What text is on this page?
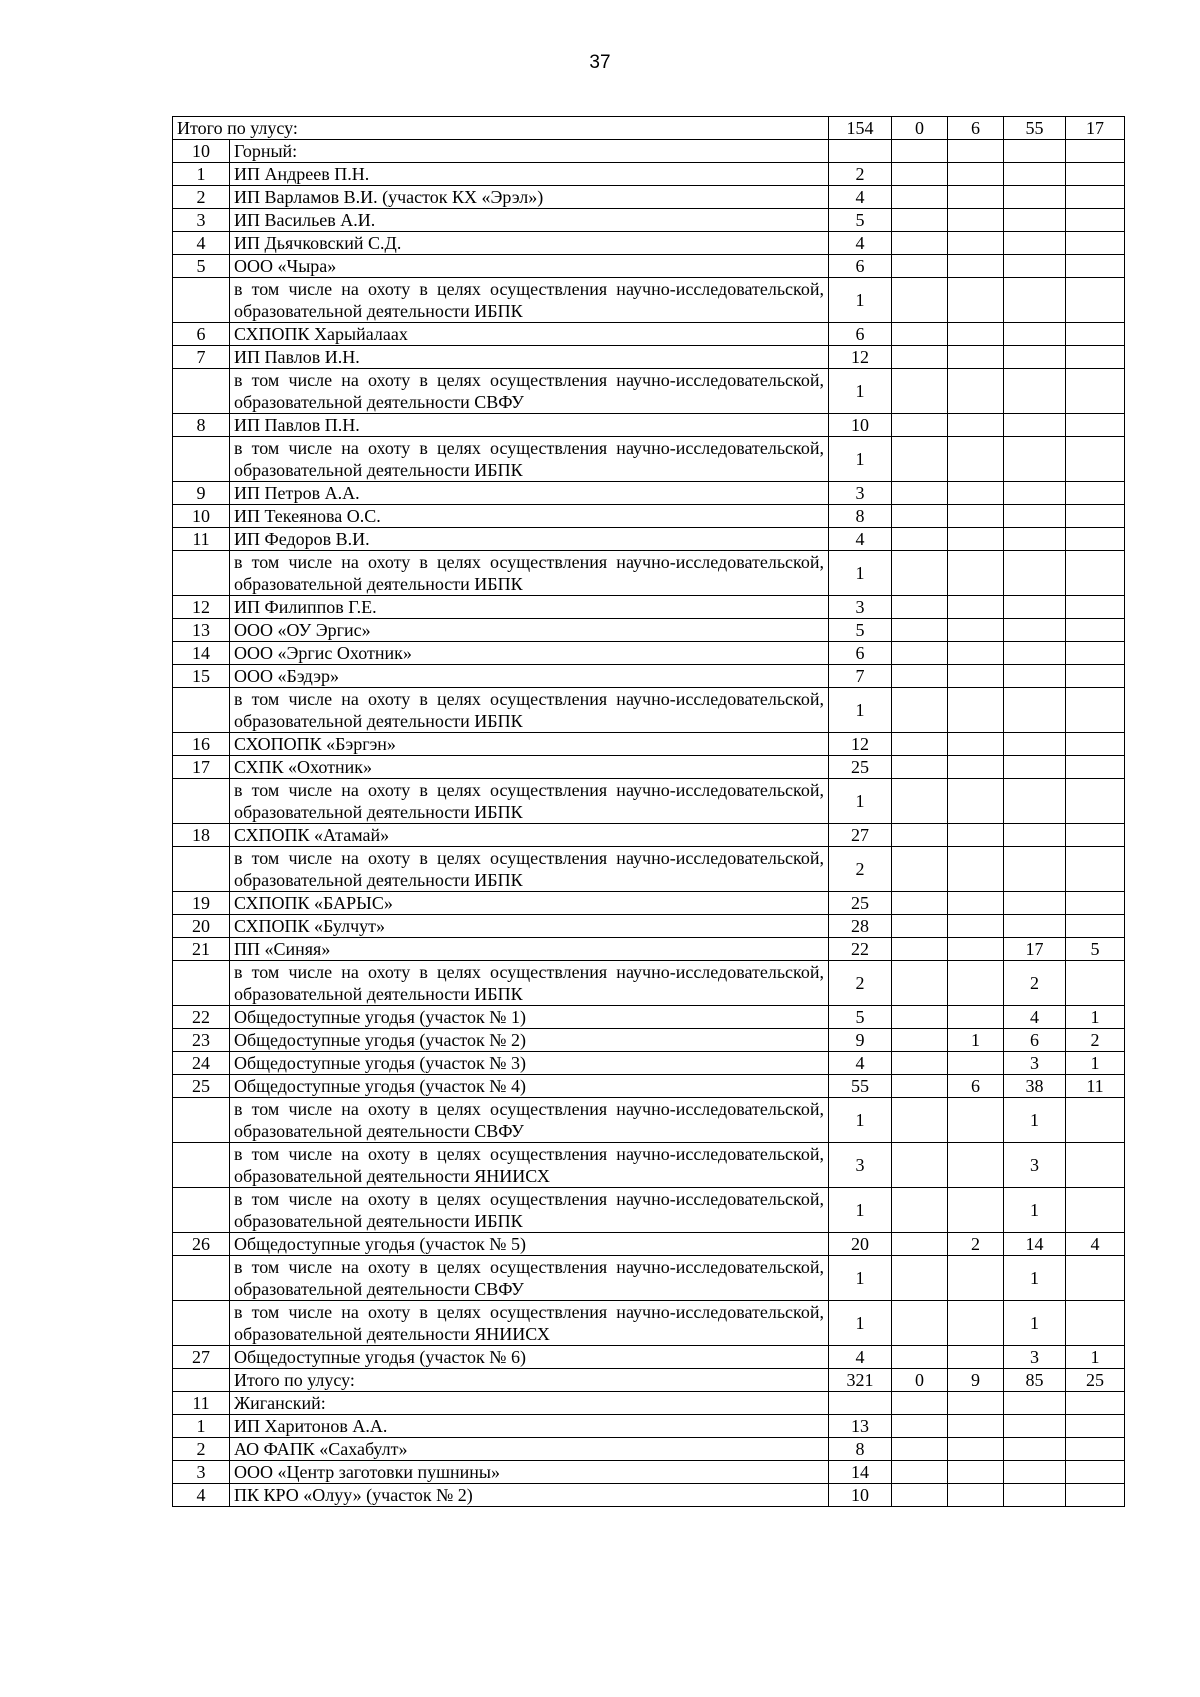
37
Итого по улусу:		154	0	6	55	17
10	Горный:					
1	ИП Андреев П.Н.	2				
2	ИП Варламов В.И. (участок КХ «Эрэл»)	4				
3	ИП Васильев А.И.	5				
4	ИП Дьячковский С.Д.	4				
5	ООО «Чыра»	6				
	в том числе на охоту в целях осуществления научно-исследовательской, образовательной деятельности ИБПК	1				
6	СХПОПК Харыйалаах	6				
7	ИП Павлов И.Н.	12				
	в том числе на охоту в целях осуществления научно-исследовательской, образовательной деятельности СВФУ	1				
8	ИП Павлов П.Н.	10				
	в том числе на охоту в целях осуществления научно-исследовательской, образовательной деятельности ИБПК	1				
9	ИП Петров А.А.	3				
10	ИП Текеянова О.С.	8				
11	ИП Федоров В.И.	4				
	в том числе на охоту в целях осуществления научно-исследовательской, образовательной деятельности ИБПК	1				
12	ИП Филиппов Г.Е.	3				
13	ООО «ОУ Эргис»	5				
14	ООО «Эргис Охотник»	6				
15	ООО «Бэдэр»	7				
	в том числе на охоту в целях осуществления научно-исследовательской, образовательной деятельности ИБПК	1				
16	СХОПОПК «Бэргэн»	12				
17	СХПК «Охотник»	25				
	в том числе на охоту в целях осуществления научно-исследовательской, образовательной деятельности ИБПК	1				
18	СХПОПК «Атамай»	27				
	в том числе на охоту в целях осуществления научно-исследовательской, образовательной деятельности ИБПК	2				
19	СХПОПК «БАРЫС»	25				
20	СХПОПК «Булчут»	28				
21	ПП «Синяя»	22			17	5
	в том числе на охоту в целях осуществления научно-исследовательской, образовательной деятельности ИБПК	2			2	
22	Общедоступные угодья (участок № 1)	5			4	1
23	Общедоступные угодья (участок № 2)	9		1	6	2
24	Общедоступные угодья (участок № 3)	4			3	1
25	Общедоступные угодья (участок № 4)	55		6	38	11
	в том числе на охоту в целях осуществления научно-исследовательской, образовательной деятельности СВФУ	1			1	
	в том числе на охоту в целях осуществления научно-исследовательской, образовательной деятельности ЯНИИСХ	3			3	
	в том числе на охоту в целях осуществления научно-исследовательской, образовательной деятельности ИБПК	1			1	
26	Общедоступные угодья (участок № 5)	20		2	14	4
	в том числе на охоту в целях осуществления научно-исследовательской, образовательной деятельности СВФУ	1			1	
	в том числе на охоту в целях осуществления научно-исследовательской, образовательной деятельности ЯНИИСХ	1			1	
27	Общедоступные угодья (участок № 6)	4			3	1
	Итого по улусу:	321	0	9	85	25
11	Жиганский:					
1	ИП Харитонов А.А.	13				
2	АО ФАПК «Сахабулт»	8				
3	ООО «Центр заготовки пушнины»	14				
4	ПК КРО «Олуу» (участок № 2)	10				
